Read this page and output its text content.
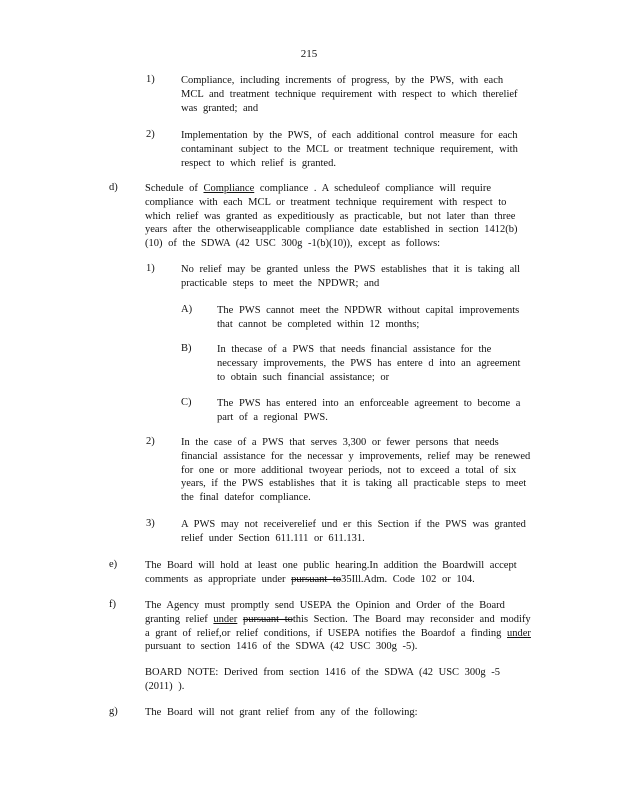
215
1)	Compliance, including increments of progress, by the PWS, with each MCL and treatment technique requirement with respect to which therelief was granted; and
2)	Implementation by the PWS, of each additional control measure for each contaminant subject to the MCL or treatment technique requirement, with respect to which relief is granted.
d)	Schedule of Compliance compliance . A scheduleof compliance will require compliance with each MCL or treatment technique requirement with respect to which relief was granted as expeditiously as practicable, but not later than three years after the otherwiseapplicable compliance date established in section 1412(b)(10) of the SDWA (42 USC 300g -1(b)(10)), except as follows:
1)	No relief may be granted unless the PWS establishes that it is taking all practicable steps to meet the NPDWR; and
A) The PWS cannot meet the NPDWR without capital improvements that cannot be completed within 12 months;
B) In thecase of a PWS that needs financial assistance for the necessary improvements, the PWS has entere d into an agreement to obtain such financial assistance; or
C) The PWS has entered into an enforceable agreement to become a part of a regional PWS.
2)	In the case of a PWS that serves 3,300 or fewer persons that needs financial assistance for the necessar y improvements, relief may be renewed for one or more additional twoyear periods, not to exceed a total of six years, if the PWS establishes that it is taking all practicable steps to meet the final datefor compliance.
3)	A PWS may not receiverelief und er this Section if the PWS was granted relief under Section 611.111 or 611.131.
e)	The Board will hold at least one public hearing.In addition the Boardwill accept comments as appropriate under pursuant to35Ill.Adm. Code 102 or 104.
f)	The Agency must promptly send USEPA the Opinion and Order of the Board granting relief under pursuant tothis Section. The Board may reconsider and modify a grant of relief,or relief conditions, if USEPA notifies the Boardof a finding under pursuant to section 1416 of the SDWA (42 USC 300g -5).
BOARD NOTE: Derived from section 1416 of the SDWA (42 USC 300g -5 (2011) ).
g)	The Board will not grant relief from any of the following:
